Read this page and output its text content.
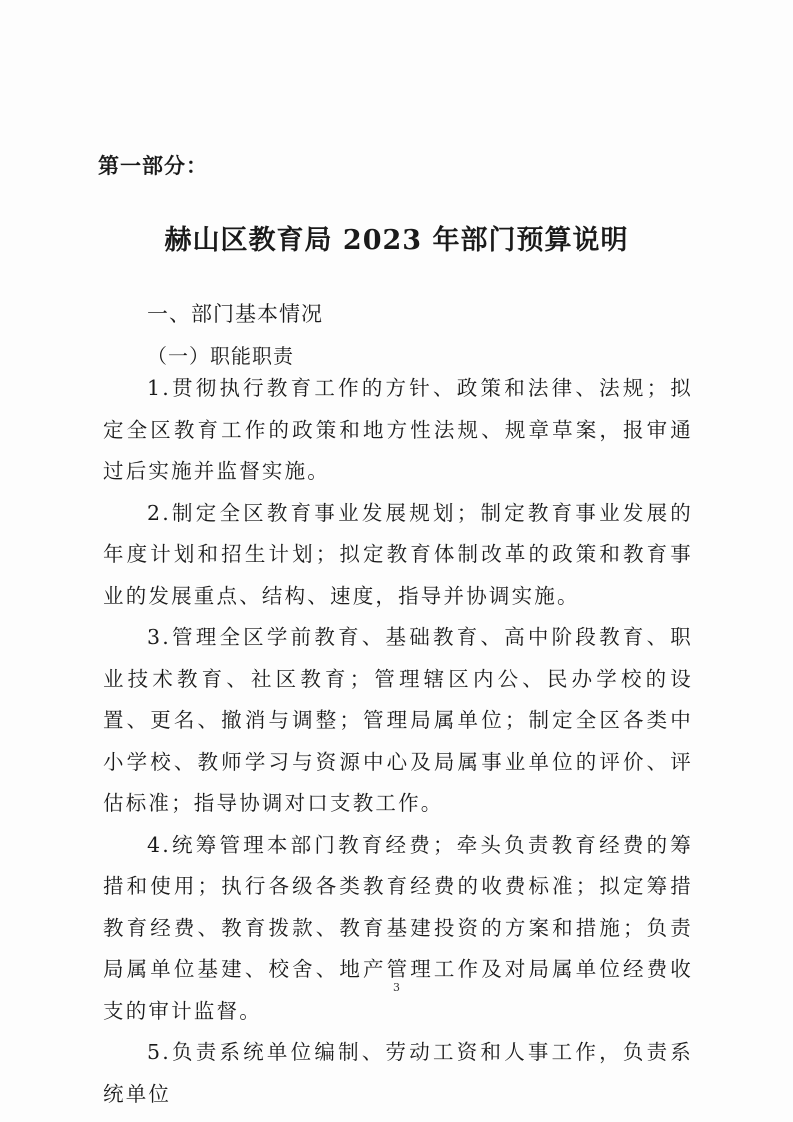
第一部分：
赫山区教育局 2023 年部门预算说明
一、部门基本情况
（一）职能职责

1.贯彻执行教育工作的方针、政策和法律、法规；拟定全区教育工作的政策和地方性法规、规章草案，报审通过后实施并监督实施。

2.制定全区教育事业发展规划；制定教育事业发展的年度计划和招生计划；拟定教育体制改革的政策和教育事业的发展重点、结构、速度，指导并协调实施。

3.管理全区学前教育、基础教育、高中阶段教育、职业技术教育、社区教育；管理辖区内公、民办学校的设置、更名、撤消与调整；管理局属单位；制定全区各类中小学校、教师学习与资源中心及局属事业单位的评价、评估标准；指导协调对口支教工作。

4.统筹管理本部门教育经费；牵头负责教育经费的筹措和使用；执行各级各类教育经费的收费标准；拟定筹措教育经费、教育拨款、教育基建投资的方案和措施；负责局属单位基建、校舍、地产管理工作及对局属单位经费收支的审计监督。

5.负责系统单位编制、劳动工资和人事工作，负责系统单位

3
